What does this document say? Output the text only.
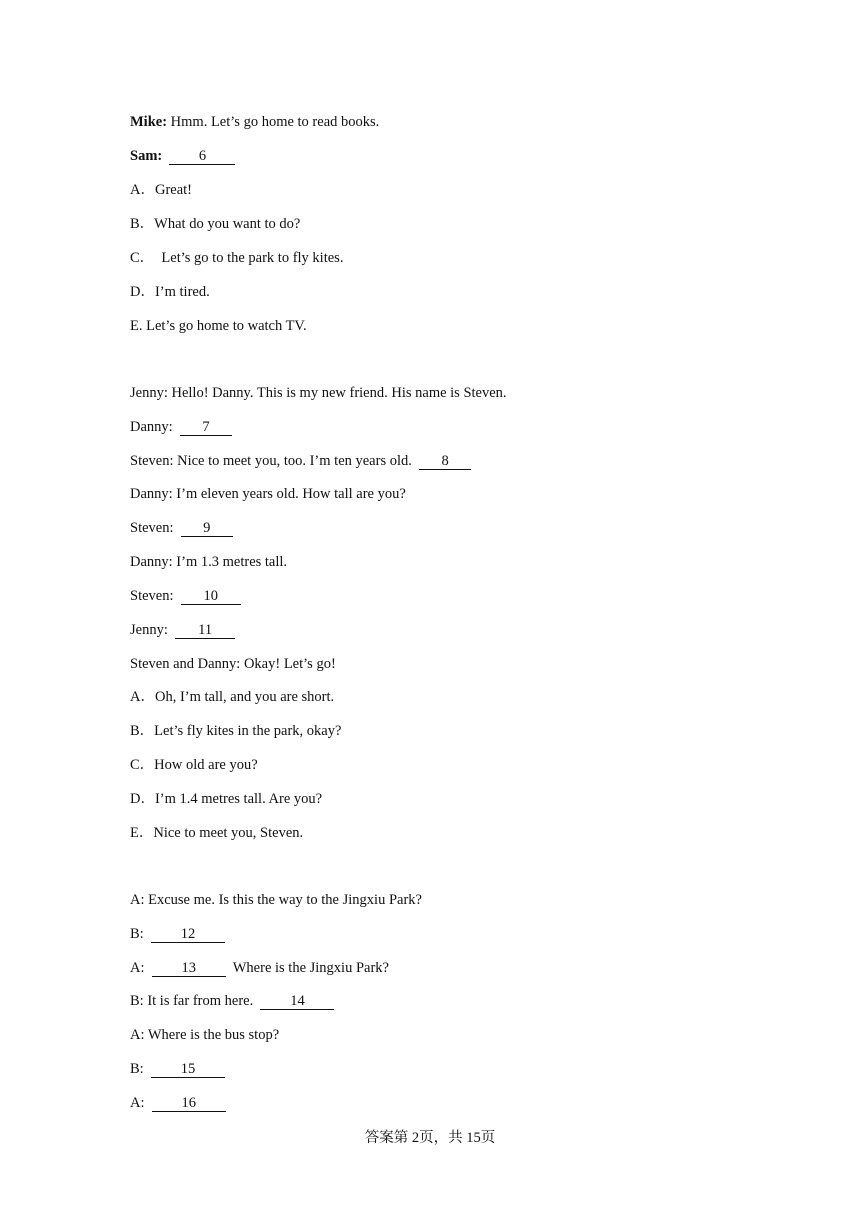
Mike: Hmm. Let’s go home to read books.
Sam:	6
A．Great!
B．What do you want to do?
C．  Let’s go to the park to fly kites.
D．I’m tired.
E. Let’s go home to watch TV.
Jenny: Hello! Danny. This is my new friend. His name is Steven.
Danny:  7
Steven: Nice to meet you, too. I’m ten years old.  8
Danny: I’m eleven years old. How tall are you?
Steven:  9
Danny: I’m 1.3 metres tall.
Steven:  10
Jenny:  11
Steven and Danny: Okay! Let’s go!
A．Oh, I’m tall, and you are short.
B．Let’s fly kites in the park, okay?
C．How old are you?
D．I’m 1.4 metres tall. Are you?
E．Nice to meet you, Steven.
A: Excuse me. Is this the way to the Jingxiu Park?
B:  12
A:  13  Where is the Jingxiu Park?
B: It is far from here.  14
A: Where is the bus stop?
B:  15
A:  16
答案第 2页，共 15页
